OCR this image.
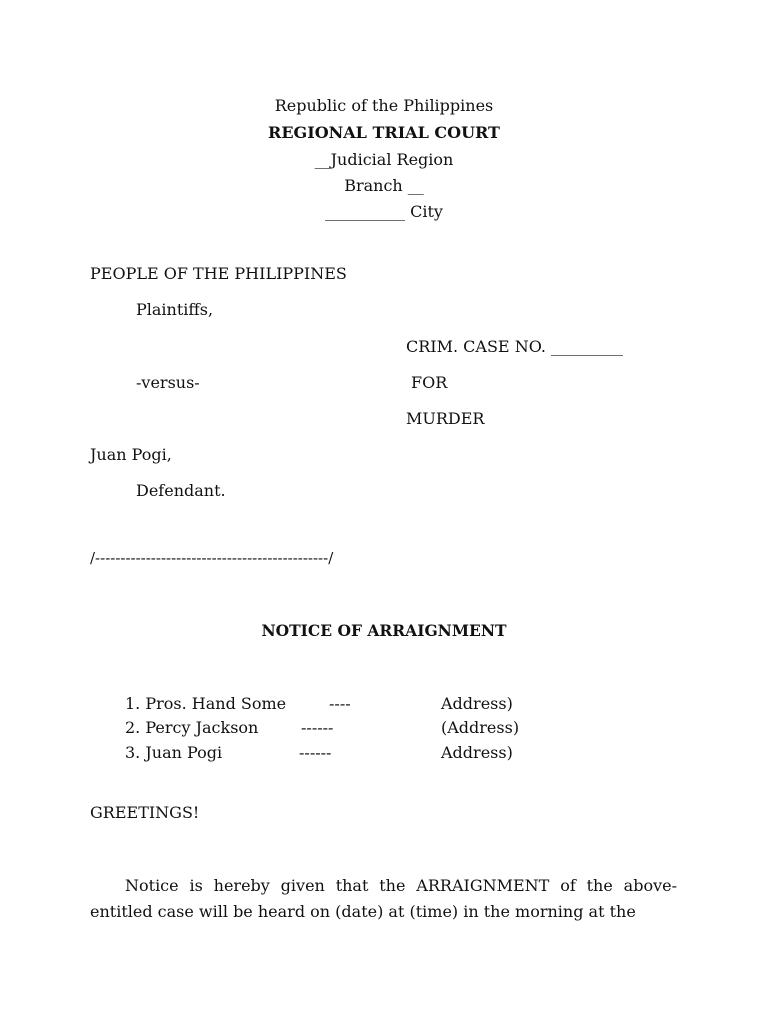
Republic of the Philippines
REGIONAL TRIAL COURT
__Judicial Region
Branch __
__________ City
PEOPLE OF THE PHILIPPINES
Plaintiffs,
CRIM. CASE NO. _________
-versus-	FOR
MURDER
Juan Pogi,
Defendant.
/----------------------------------------------/
NOTICE OF ARRAIGNMENT
1. Pros. Hand Some	----	Address)
2. Percy Jackson	------	(Address)
3. Juan Pogi	------	Address)
GREETINGS!
Notice is hereby given that the ARRAIGNMENT of the above-entitled case will be heard on (date) at (time) in the morning at the
